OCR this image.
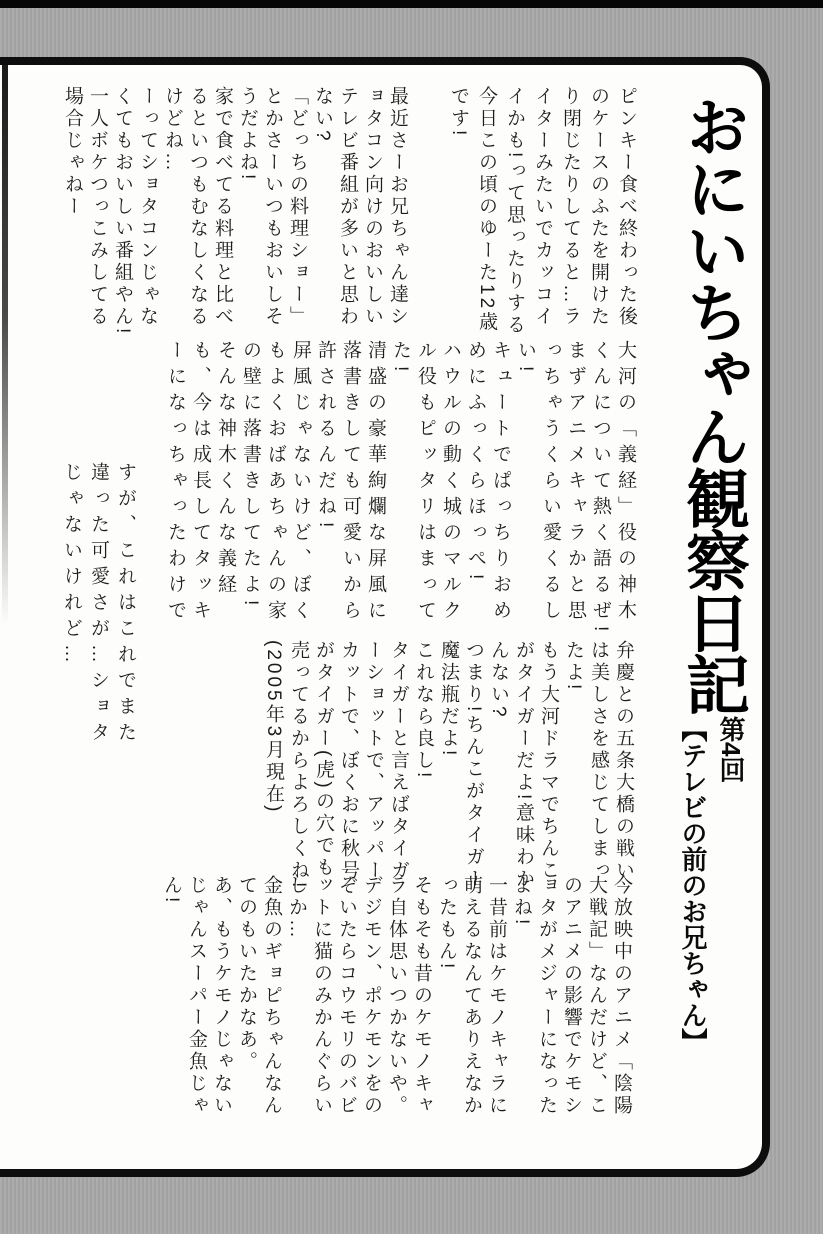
おにいちゃん観察日記

第4回

【テレビの前のお兄ちゃん】

ピンキー食べ終わった後のケースのふたを開けたり閉じたりしてると…ライターみたいでカッコイイかも!って思ったりする今日この頃のゆーた12歳です!

最近さーお兄ちゃん達ショタコン向けのおいしいテレビ番組が多いと思わない?

「どっちの料理ショー」とかさーいつもおいしそうだよね!

家で食べてる料理と比べるといつもむなしくなるけどね…

ーってショタコンじゃなくてもおいしい番組やん! 一人ボケつっこみしてる場合じゃねー

大河の「義経」役の神木くんについて熱く語るぜ!

まずアニメキャラかと思っちゃうくらい愛くるしい!

キュートでぱっちりおめめにふっくらほっぺ!

ハウルの動く城のマルクル役もピッタリはまってた!

清盛の豪華絢爛な屏風に落書きしても可愛いから許されるんだね!

屏風じゃないけど、ぼくもよくおばあちゃんの家の壁に落書きしてたよ!

そんな神木くんな義経も、今は成長してタッキーになっちゃったわけで

すが、これはこれでまた違った可愛さが…ショタじゃないけれど…

弁慶との五条大橋の戦いは美しさを感じてしまったよ!

もう大河ドラマでちんこがタイガーだよ!意味わかんない?

つまり!ちんこがタイガー魔法瓶だよ!

これなら良し!

タイガーと言えばタイガーショットで、アッパーカットで、ぼくおに秋号がタイガー(虎)の穴でも売ってるからよろしくね!

(2005年3月現在)

今放映中のアニメ「陰陽大戦記」なんだけど、このアニメの影響でケモショタがメジャーになったよね!

一昔前はケモノキャラに萌えるなんてありえなかったもん!

そもそも昔のケモノキャラ自体思いつかないや。

デジモン、ポケモンをのぞいたらコウモリのバビットに猫のみかんぐらいしか…

金魚のギョピちゃんなんてのもいたかなあ。

あ、もうケモノじゃないじゃんスーパー金魚じゃん!
